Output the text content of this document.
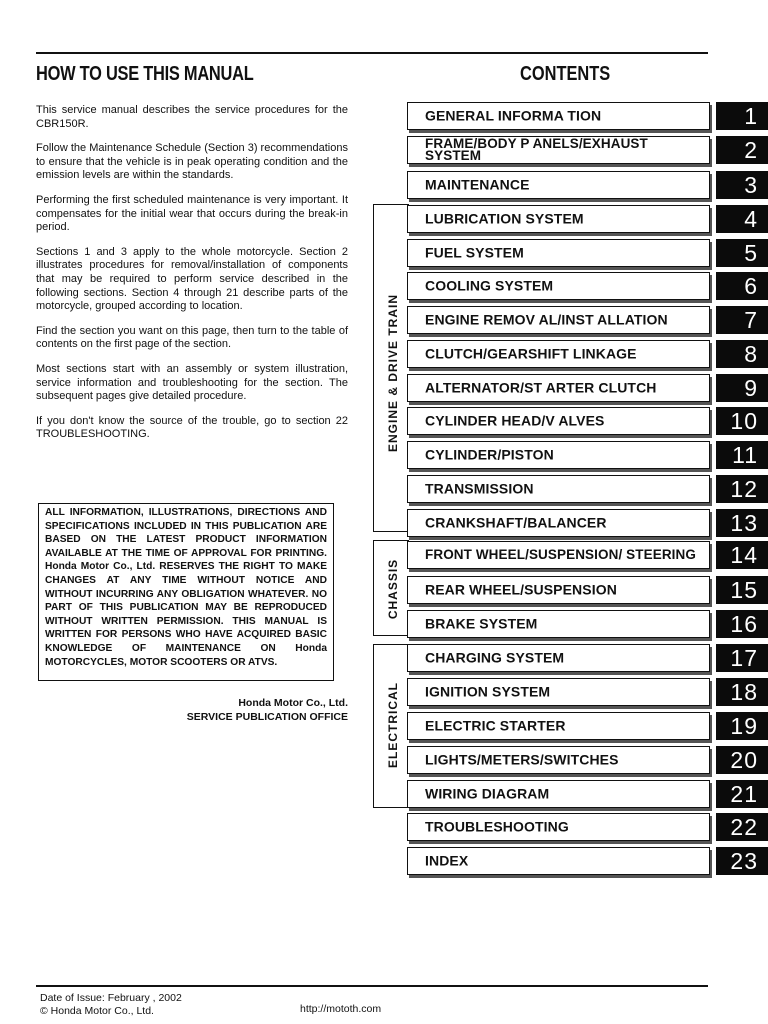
HOW TO USE THIS MANUAL	CONTENTS

This service manual describes the service procedures for the CBR150R.

Follow the Maintenance Schedule (Section 3) recommendations to ensure that the vehicle is in peak operating condition and the emission levels are within the standards.

Performing the first scheduled maintenance is very important. It compensates for the initial wear that occurs during the break-in period.

Sections 1 and 3 apply to the whole motorcycle. Section 2 illustrates procedures for removal/installation of components that may be required to perform service described in the following sections. Section 4 through 21 describe parts of the motorcycle, grouped according to location.

Find the section you want on this page, then turn to the table of contents on the first page of the section.

Most sections start with an assembly or system illustration, service information and troubleshooting for the section. The subsequent pages give detailed procedure.

If you don't know the source of the trouble, go to section 22 TROUBLESHOOTING.

ALL INFORMATION, ILLUSTRATIONS, DIRECTIONS AND SPECIFICATIONS INCLUDED IN THIS PUBLICATION ARE BASED ON THE LATEST PRODUCT INFORMATION AVAILABLE AT THE TIME OF APPROVAL FOR PRINTING. Honda Motor Co., Ltd. RESERVES THE RIGHT TO MAKE CHANGES AT ANY TIME WITHOUT NOTICE AND WITHOUT INCURRING ANY OBLIGATION WHATEVER. NO PART OF THIS PUBLICATION MAY BE REPRODUCED WITHOUT WRITTEN PERMISSION. THIS MANUAL IS WRITTEN FOR PERSONS WHO HAVE ACQUIRED BASIC KNOWLEDGE OF MAINTENANCE ON Honda MOTORCYCLES, MOTOR SCOOTERS OR ATVS.
Honda Motor Co., Ltd.
SERVICE PUBLICATION OFFICE
ENGINE & DRIVE TRAIN
CHASSIS
ELECTRICAL
GENERAL INFORMA TION	1
FRAME/BODY P ANELS/EXHAUST SYSTEM	2
MAINTENANCE	3
LUBRICATION SYSTEM	4
FUEL SYSTEM	5
COOLING SYSTEM	6
ENGINE REMOV AL/INST ALLATION	7
CLUTCH/GEARSHIFT LINKAGE	8
ALTERNATOR/ST ARTER CLUTCH	9
CYLINDER HEAD/V ALVES	10
CYLINDER/PISTON	11
TRANSMISSION	12
CRANKSHAFT/BALANCER	13
FRONT WHEEL/SUSPENSION/ STEERING	14
REAR WHEEL/SUSPENSION	15
BRAKE SYSTEM	16
CHARGING SYSTEM	17
IGNITION SYSTEM	18
ELECTRIC STARTER	19
LIGHTS/METERS/SWITCHES	20
WIRING DIAGRAM	21
TROUBLESHOOTING	22
INDEX	23
Date of Issue: February , 2002
© Honda Motor Co., Ltd.	http://mototh.com
